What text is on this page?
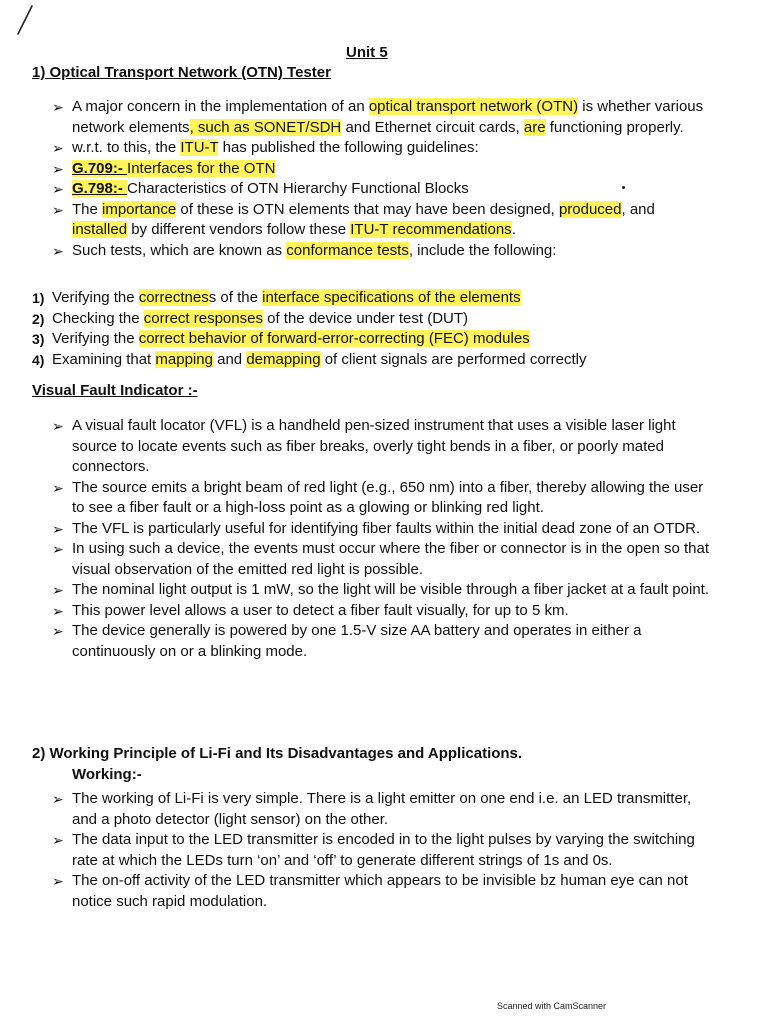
Unit 5
1) Optical Transport Network (OTN) Tester
➢ A major concern in the implementation of an optical transport network (OTN) is whether various network elements, such as SONET/SDH and Ethernet circuit cards, are functioning properly.
➢ w.r.t. to this, the ITU-T has published the following guidelines:
➢ G.709:- Interfaces for the OTN
➢ G.798:- Characteristics of OTN Hierarchy Functional Blocks
➢ The importance of these is OTN elements that may have been designed, produced, and installed by different vendors follow these ITU-T recommendations.
➢ Such tests, which are known as conformance tests, include the following:
1) Verifying the correctness of the interface specifications of the elements
2) Checking the correct responses of the device under test (DUT)
3) Verifying the correct behavior of forward-error-correcting (FEC) modules
4) Examining that mapping and demapping of client signals are performed correctly
Visual Fault Indicator :-
➢ A visual fault locator (VFL) is a handheld pen-sized instrument that uses a visible laser light source to locate events such as fiber breaks, overly tight bends in a fiber, or poorly mated connectors.
➢ The source emits a bright beam of red light (e.g., 650 nm) into a fiber, thereby allowing the user to see a fiber fault or a high-loss point as a glowing or blinking red light.
➢ The VFL is particularly useful for identifying fiber faults within the initial dead zone of an OTDR.
➢ In using such a device, the events must occur where the fiber or connector is in the open so that visual observation of the emitted red light is possible.
➢ The nominal light output is 1 mW, so the light will be visible through a fiber jacket at a fault point.
➢ This power level allows a user to detect a fiber fault visually, for up to 5 km.
➢ The device generally is powered by one 1.5-V size AA battery and operates in either a continuously on or a blinking mode.
2) Working Principle of Li-Fi and Its Disadvantages and Applications.
Working:-
➢ The working of Li-Fi is very simple. There is a light emitter on one end i.e. an LED transmitter, and a photo detector (light sensor) on the other.
➢ The data input to the LED transmitter is encoded in to the light pulses by varying the switching rate at which the LEDs turn ‘on’ and ‘off’ to generate different strings of 1s and 0s.
➢ The on-off activity of the LED transmitter which appears to be invisible bz human eye can not notice such rapid modulation.
Scanned with CamScanner
